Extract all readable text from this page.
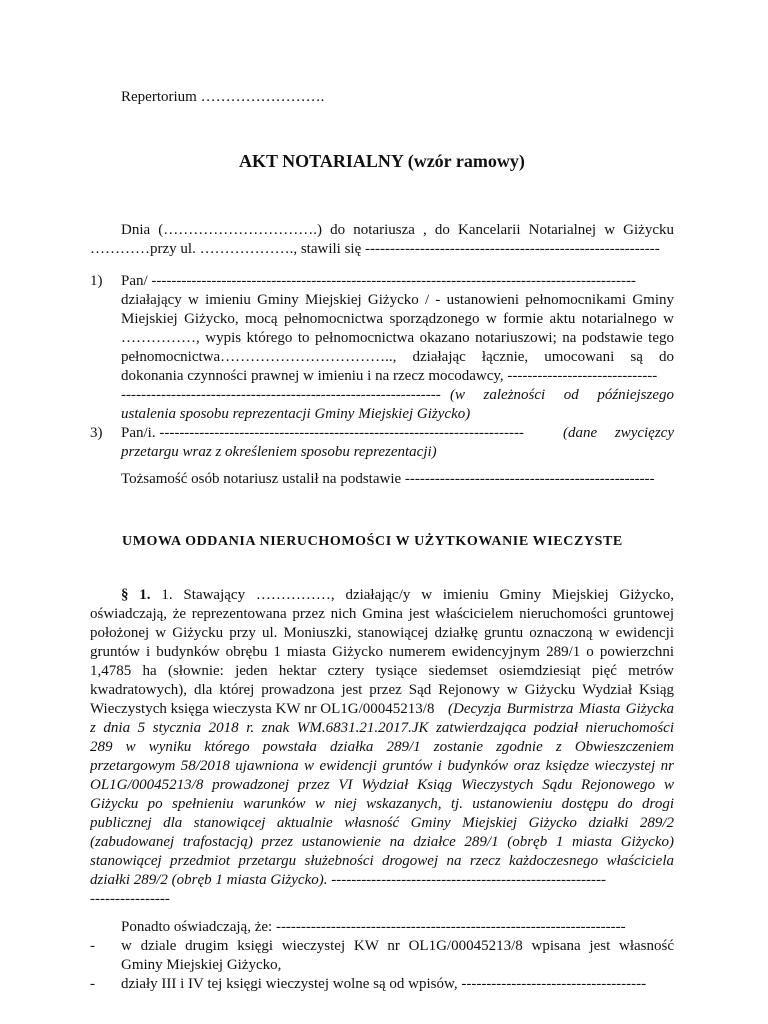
Repertorium …………………….
AKT NOTARIALNY (wzór ramowy)
Dnia (………………………….) do notariusza , do Kancelarii Notarialnej w Giżycku
…………przy ul. ………………., stawili się -----------------------------------------------------------
1) Pan/ -------------------------------------------------------------------------------------------------
działający w imieniu Gminy Miejskiej Giżycko / - ustanowieni pełnomocnikami Gminy
Miejskiej Giżycko, mocą pełnomocnictwa sporządzonego w formie aktu notarialnego w
……………, wypis którego to pełnomocnictwa okazano notariuszowi; na podstawie tego
pełnomocnictwa…………………………….., działając łącznie, umocowani są do
dokonania czynności prawnej w imieniu i na rzecz mocodawcy, ------------------------------
---------------------------------------------------------------- (w zależności od późniejszego
ustalenia sposobu reprezentacji Gminy Miejskiej Giżycko)
3) Pan/i. -------------------------------------------------------------------------	(dane zwycięzcy
przetargu wraz z określeniem sposobu reprezentacji)
Tożsamość osób notariusz ustalił na podstawie --------------------------------------------------
UMOWA ODDANIA NIERUCHOMOŚCI W UŻYTKOWANIE WIECZYSTE
§ 1. 1. Stawający ……………, działając/y w imieniu Gminy Miejskiej Giżycko,
oświadczają, że reprezentowana przez nich Gmina jest właścicielem nieruchomości gruntowej
położonej w Giżycku przy ul. Moniuszki, stanowiącej działkę gruntu oznaczoną w ewidencji
gruntów i budynków obrębu 1 miasta Giżycko numerem ewidencyjnym 289/1 o powierzchni
1,4785 ha (słownie: jeden hektar cztery tysiące siedemset osiemdziesiąt pięć metrów
kwadratowych), dla której prowadzona jest przez Sąd Rejonowy w Giżycku Wydział Ksiąg
Wieczystych księga wieczysta KW nr OL1G/00045213/8 (Decyzja Burmistrza Miasta Giżycka
z dnia 5 stycznia 2018 r. znak WM.6831.21.2017.JK zatwierdzająca podział nieruchomości
289 w wyniku którego powstała działka 289/1 zostanie zgodnie z Obwieszczeniem
przetargowym 58/2018 ujawniona w ewidencji gruntów i budynków oraz księdze wieczystej nr
OL1G/00045213/8 prowadzonej przez VI Wydział Ksiąg Wieczystych Sądu Rejonowego w
Giżycku po spełnieniu warunków w niej wskazanych, tj. ustanowieniu dostępu do drogi
publicznej dla stanowiącej aktualnie własność Gminy Miejskiej Giżycko działki 289/2
(zabudowanej trafostacją) przez ustanowienie na działce 289/1 (obręb 1 miasta Giżycko)
stanowiącej przedmiot przetargu służebności drogowej na rzecz każdoczesnego właściciela
działki 289/2 (obręb 1 miasta Giżycko). -------------------------------------------------------
----------------
Ponadto oświadczają, że: ----------------------------------------------------------------------
- w dziale drugim księgi wieczystej KW nr OL1G/00045213/8 wpisana jest własność
Gminy Miejskiej Giżycko,
- działy III i IV tej księgi wieczystej wolne są od wpisów, -------------------------------------
